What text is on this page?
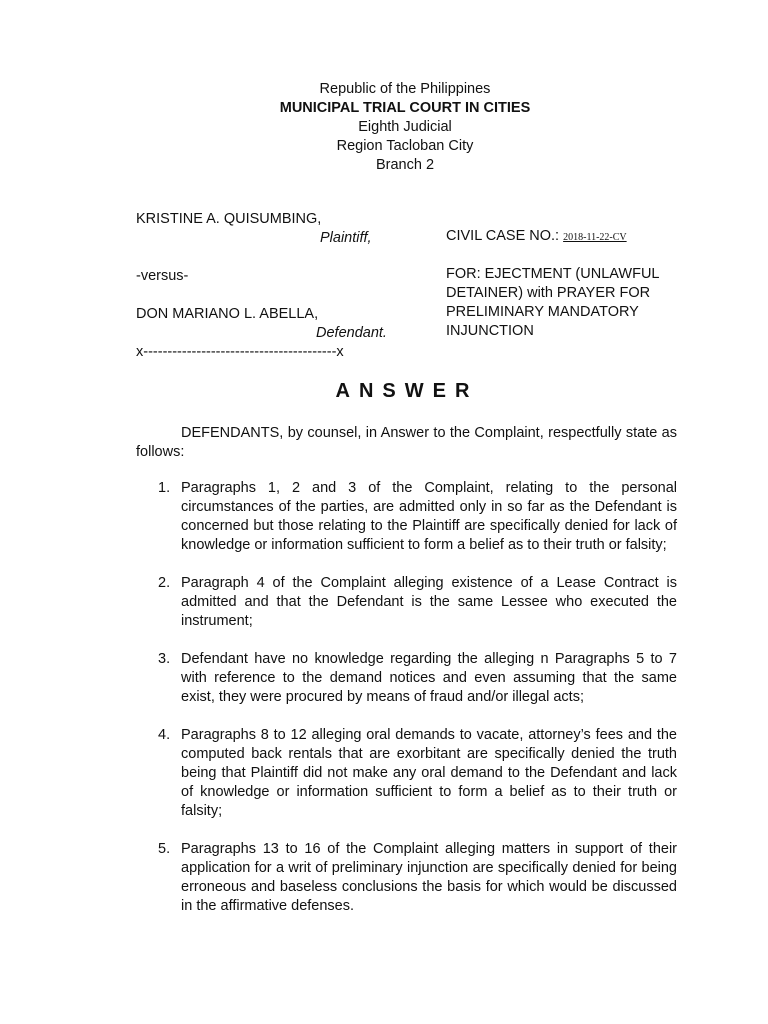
Republic of the Philippines
MUNICIPAL TRIAL COURT IN CITIES
Eighth Judicial
Region Tacloban City
Branch 2
KRISTINE A. QUISUMBING,
Plaintiff,
-versus-
DON MARIANO L. ABELLA,
Defendant.
x----------------------------------------x
CIVIL CASE NO.: 2018-11-22-CV
FOR: EJECTMENT (UNLAWFUL
DETAINER) with PRAYER FOR
PRELIMINARY MANDATORY
INJUNCTION
ANSWER
DEFENDANTS, by counsel, in Answer to the Complaint, respectfully state as follows:
1. Paragraphs 1, 2 and 3 of the Complaint, relating to the personal circumstances of the parties, are admitted only in so far as the Defendant is concerned but those relating to the Plaintiff are specifically denied for lack of knowledge or information sufficient to form a belief as to their truth or falsity;
2. Paragraph 4 of the Complaint alleging existence of a Lease Contract is admitted and that the Defendant is the same Lessee who executed the instrument;
3. Defendant have no knowledge regarding the alleging n Paragraphs 5 to 7 with reference to the demand notices and even assuming that the same exist, they were procured by means of fraud and/or illegal acts;
4. Paragraphs 8 to 12 alleging oral demands to vacate, attorney’s fees and the computed back rentals that are exorbitant are specifically denied the truth being that Plaintiff did not make any oral demand to the Defendant and lack of knowledge or information sufficient to form a belief as to their truth or falsity;
5. Paragraphs 13 to 16 of the Complaint alleging matters in support of their application for a writ of preliminary injunction are specifically denied for being erroneous and baseless conclusions the basis for which would be discussed in the affirmative defenses.
